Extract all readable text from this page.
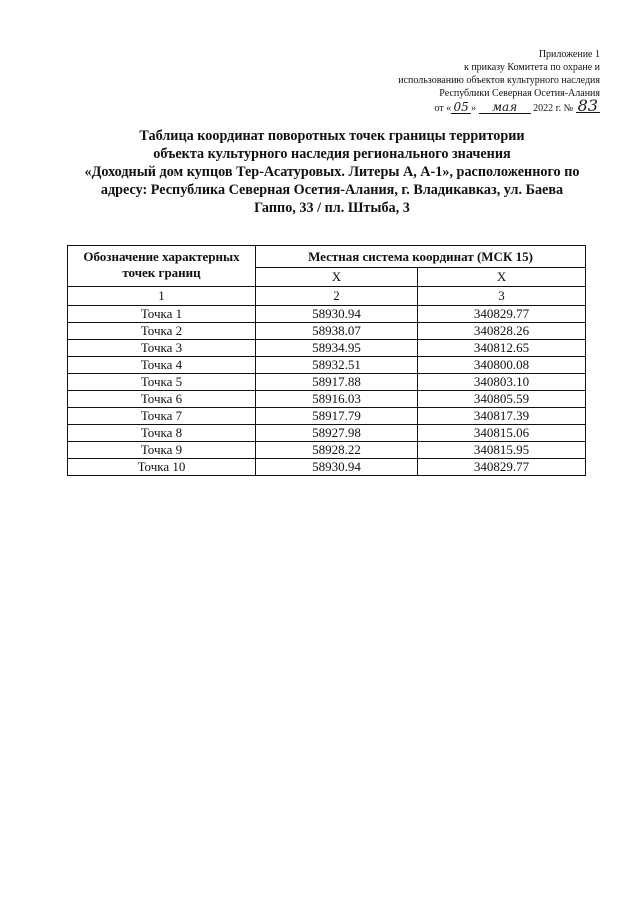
Приложение 1
к приказу Комитета по охране и
использованию объектов культурного наследия
Республики Северная Осетия-Алания
от « 05 » мая 2022 г. № 83
Таблица координат поворотных точек границы территории
объекта культурного наследия регионального значения
«Доходный дом купцов Тер-Асатуровых. Литеры А, А-1», расположенного по
адресу: Республика Северная Осетия-Алания, г. Владикавказ, ул. Баева
Гаппо, 33 / пл. Штыба, 3
Обозначение характерных точек границ	Местная система координат (МСК 15)	
	X	X
1	2	3
Точка 1	58930.94	340829.77
Точка 2	58938.07	340828.26
Точка 3	58934.95	340812.65
Точка 4	58932.51	340800.08
Точка 5	58917.88	340803.10
Точка 6	58916.03	340805.59
Точка 7	58917.79	340817.39
Точка 8	58927.98	340815.06
Точка 9	58928.22	340815.95
Точка 10	58930.94	340829.77
